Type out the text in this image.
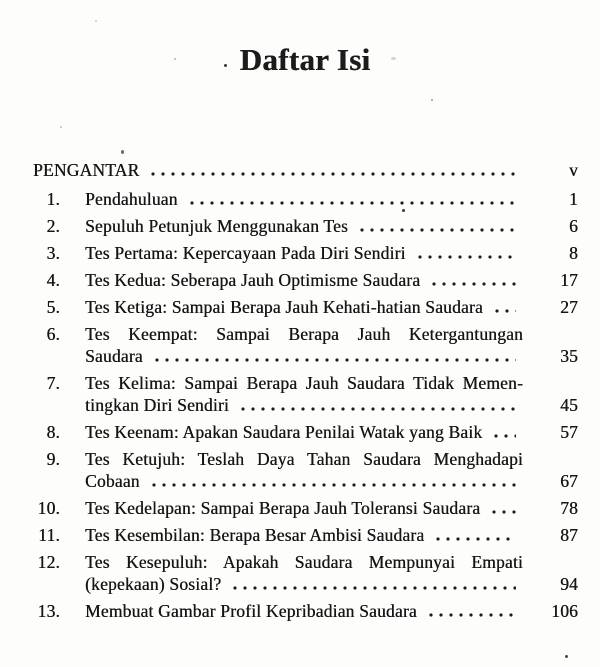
Daftar Isi
PENGANTAR	v
1. Pendahuluan	1
2. Sepuluh Petunjuk Menggunakan Tes	6
3. Tes Pertama: Kepercayaan Pada Diri Sendiri	8
4. Tes Kedua: Seberapa Jauh Optimisme Saudara	17
5. Tes Ketiga: Sampai Berapa Jauh Kehati-hatian Saudara	27
6. Tes Keempat: Sampai Berapa Jauh Ketergantungan
Saudara	35
7. Tes Kelima: Sampai Berapa Jauh Saudara Tidak Memen-
tingkan Diri Sendiri	45
8. Tes Keenam: Apakan Saudara Penilai Watak yang Baik	57
9. Tes Ketujuh: Teslah Daya Tahan Saudara Menghadapi
Cobaan	67
10. Tes Kedelapan: Sampai Berapa Jauh Toleransi Saudara	78
11. Tes Kesembilan: Berapa Besar Ambisi Saudara	87
12. Tes Kesepuluh: Apakah Saudara Mempunyai Empati
(kepekaan) Sosial?	94
13. Membuat Gambar Profil Kepribadian Saudara	106
